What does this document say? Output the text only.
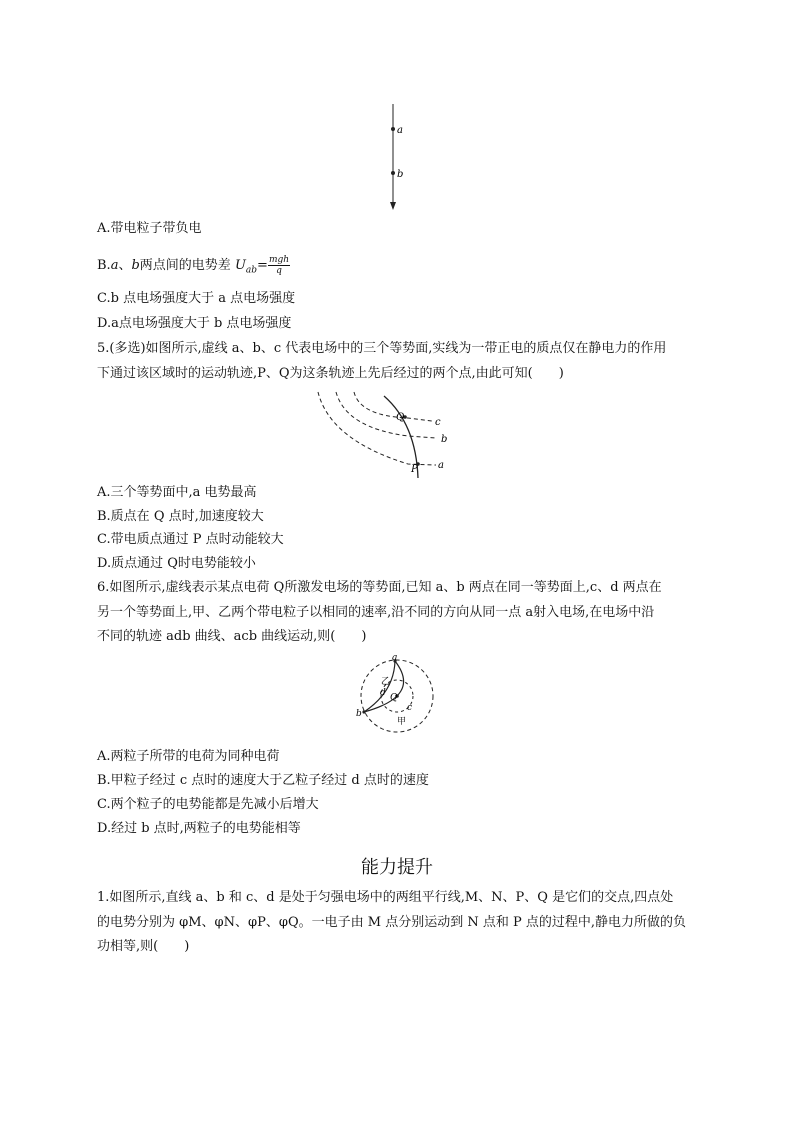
a
b
A.带电粒子带负电
B.a、b两点间的电势差 $U_{ab}= \frac{\text{mgh}}{q}$
C.b 点电场强度大于 a 点电场强度
D.a点电场强度大于 b 点电场强度
5.(多选)如图所示,虚线 a、b、c 代表电场中的三个等势面,实线为一带正电的质点仅在静电力的作用
下通过该区域时的运动轨迹,P、Q为这条轨迹上先后经过的两个点,由此可知(　　)
Q
P a
b
c
A.三个等势面中,a 电势最高
B.质点在 Q 点时,加速度较大
C.带电质点通过 P 点时动能较大
D.质点通过 Q时电势能较小
6.如图所示,虚线表示某点电荷 Q所激发电场的等势面,已知 a、b 两点在同一等势面上,c、d 两点在
另一个等势面上,甲、乙两个带电粒子以相同的速率,沿不同的方向从同一点 a射入电场,在电场中沿
不同的轨迹 adb 曲线、acb 曲线运动,则(　　)
a
b
c
d Q
乙
甲
A.两粒子所带的电荷为同种电荷
B.甲粒子经过 c 点时的速度大于乙粒子经过 d 点时的速度
C.两个粒子的电势能都是先减小后增大
D.经过 b 点时,两粒子的电势能相等
能力提升
1.如图所示,直线 a、b 和 c、d 是处于匀强电场中的两组平行线,M、N、P、Q 是它们的交点,四点处
的电势分别为 φM、φN、φP、φQ。一电子由 M 点分别运动到 N 点和 P 点的过程中,静电力所做的负
功相等,则(　　)
